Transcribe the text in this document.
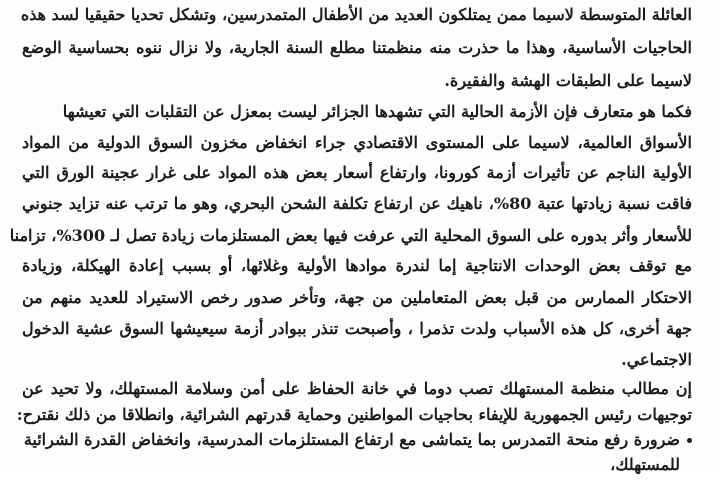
العائلة المتوسطة لاسيما ممن يمتلكون العديد من الأطفال المتمدرسين، وتشكل تحديا حقيقيا لسد هذه
الحاجيات الأساسية، وهذا ما حذرت منه منظمتنا مطلع السنة الجارية، ولا نزال ننوه بحساسية الوضع
لاسيما على الطبقات الهشة والفقيرة.
فكما هو متعارف فإن الأزمة الحالية التي تشهدها الجزائر ليست بمعزل عن التقلبات التي تعيشها
الأسواق العالمية، لاسيما على المستوى الاقتصادي جراء انخفاض مخزون السوق الدولية من المواد
الأولية الناجم عن تأثيرات أزمة كورونا، وارتفاع أسعار بعض هذه المواد على غرار عجينة الورق التي
فاقت نسبة زيادتها عتبة 80%، ناهيك عن ارتفاع تكلفة الشحن البحري، وهو ما ترتب عنه تزايد جنوني
للأسعار وأثر بدوره على السوق المحلية التي عرفت فيها بعض المستلزمات زيادة تصل لـ 300%، تزامنا
مع توقف بعض الوحدات الانتاجية إما لندرة موادها الأولية وغلائها، أو بسبب إعادة الهيكلة، وزيادة
الاحتكار الممارس من قبل بعض المتعاملين من جهة، وتأخر صدور رخص الاستيراد للعديد منهم من
جهة أخرى، كل هذه الأسباب ولدت تذمرا ، وأصبحت تنذر ببوادر أزمة سيعيشها السوق عشية الدخول
الاجتماعي.
إن مطالب منظمة المستهلك تصب دوما في خانة الحفاظ على أمن وسلامة المستهلك، ولا تحيد عن
توجيهات رئيس الجمهورية للإيفاء بحاجيات المواطنين وحماية قدرتهم الشرائية، وانطلاقا من ذلك نقترح:
ضرورة رفع منحة التمدرس بما يتماشى مع ارتفاع المستلزمات المدرسية، وانخفاض القدرة الشرائية
للمستهلك،
